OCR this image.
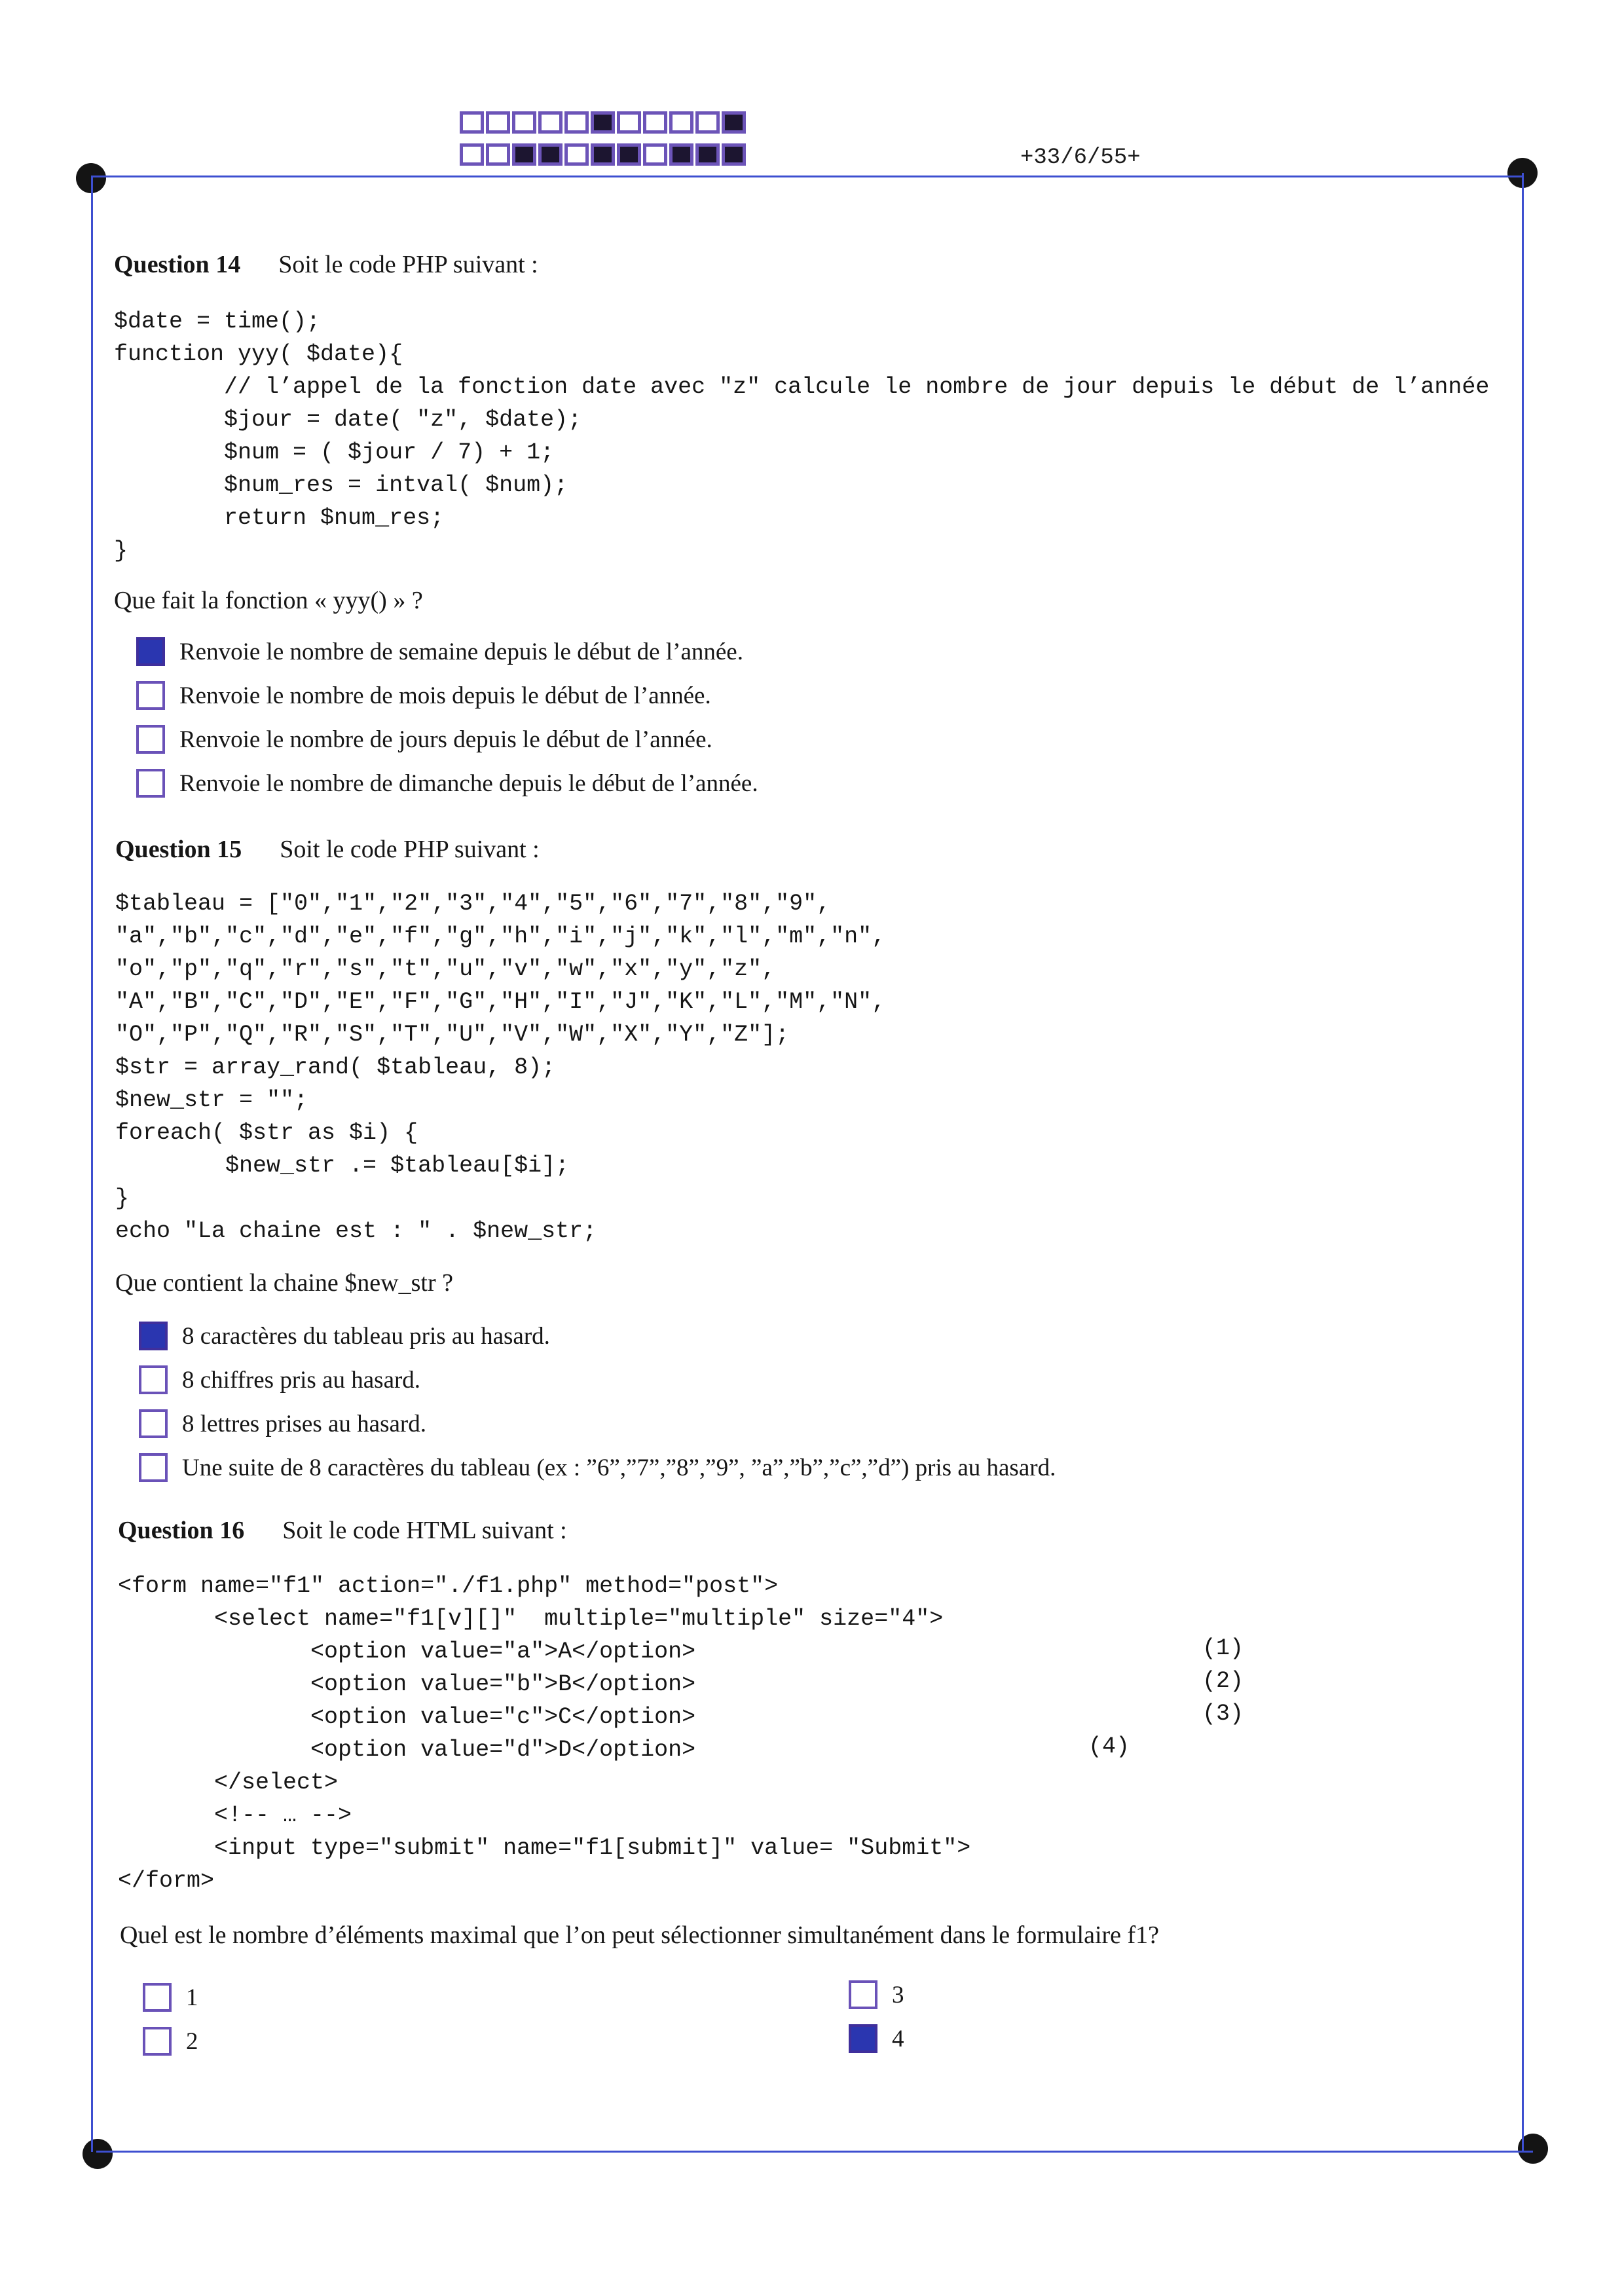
+33/6/55+
Question 14 Soit le code PHP suivant :
$date = time();
function yyy( $date){
// l’appel de la fonction date avec "z" calcule le nombre de jour depuis le début de l’année
$jour = date( "z", $date);
$num = ( $jour / 7) + 1;
$num_res = intval( $num);
return $num_res;
}
Que fait la fonction « yyy() » ?
Renvoie le nombre de semaine depuis le début de l’année.
Renvoie le nombre de mois depuis le début de l’année.
Renvoie le nombre de jours depuis le début de l’année.
Renvoie le nombre de dimanche depuis le début de l’année.
Question 15 Soit le code PHP suivant :
$tableau = ["0","1","2","3","4","5","6","7","8","9",
"a","b","c","d","e","f","g","h","i","j","k","l","m","n",
"o","p","q","r","s","t","u","v","w","x","y","z",
"A","B","C","D","E","F","G","H","I","J","K","L","M","N",
"O","P","Q","R","S","T","U","V","W","X","Y","Z"];
$str = array_rand( $tableau, 8);
$new_str = "";
foreach( $str as $i) {
$new_str .= $tableau[$i];
}
echo "La chaine est : " . $new_str;
Que contient la chaine $new_str ?
8 caractères du tableau pris au hasard.
8 chiffres pris au hasard.
8 lettres prises au hasard.
Une suite de 8 caractères du tableau (ex : ”6”,”7”,”8”,”9”, ”a”,”b”,”c”,”d”) pris au hasard.
Question 16 Soit le code HTML suivant :
<form name="f1" action="./f1.php" method="post">
<select name="f1[v][]"  multiple="multiple" size="4">
<option value="a">A</option>
<option value="b">B</option>
<option value="c">C</option>
<option value="d">D</option>
</select>
<!-- … -->
<input type="submit" name="f1[submit]" value= "Submit">
</form>
(1)
(2)
(3)
(4)
Quel est le nombre d’éléments maximal que l’on peut sélectionner simultanément dans le formulaire f1?
1
2
3
4
